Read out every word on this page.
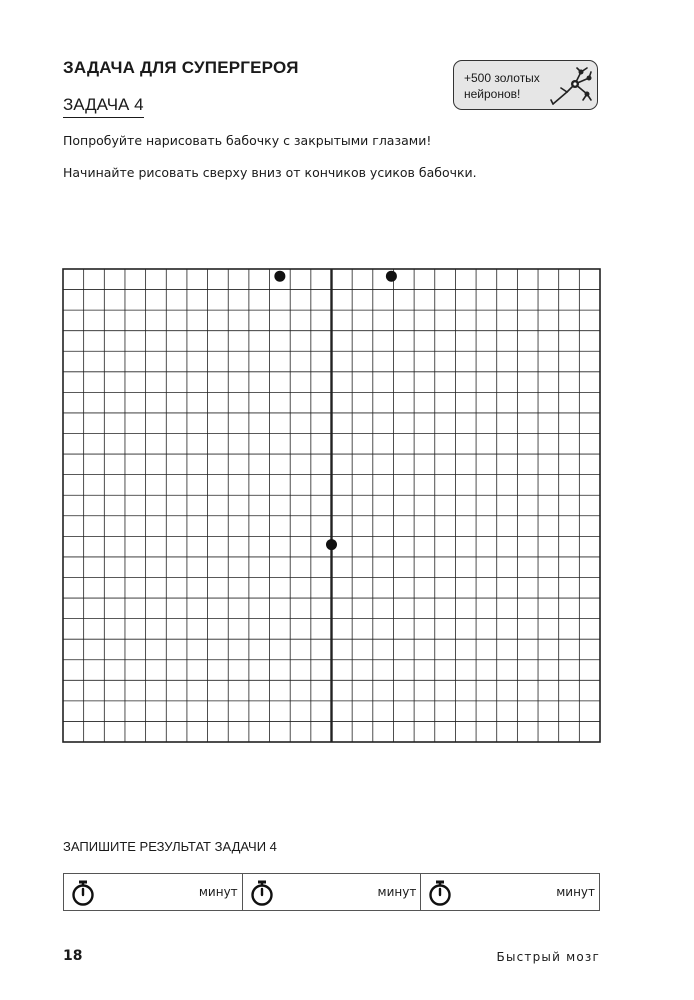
ЗАДАЧА ДЛЯ СУПЕРГЕРОЯ
ЗАДАЧА 4
+500 золотых нейронов!
Попробуйте нарисовать бабочку с закрытыми глазами!
Начинайте рисовать сверху вниз от кончиков усиков бабочки.
ЗАПИШИТЕ РЕЗУЛЬТАТ ЗАДАЧИ 4
минут	минут	минут
18	Быстрый мозг
